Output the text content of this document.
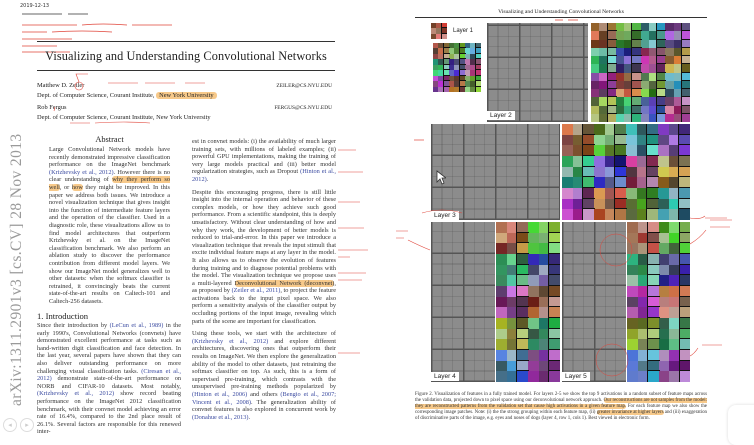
2019-12-13
arXiv:1311.2901v3 [cs.CV] 28 Nov 2013
Visualizing and Understanding Convolutional Networks
Matthew D. Zeiler	ZEILER@CS.NYU.EDU
Dept. of Computer Science, Courant Institute, New York University
Rob Fergus	FERGUS@CS.NYU.EDU
Dept. of Computer Science, Courant Institute, New York University
Abstract

Large Convolutional Network models have recently demonstrated impressive classification performance on the ImageNet benchmark (Krizhevsky et al., 2012). However there is no clear understanding of why they perform so well, or how they might be improved. In this paper we address both issues. We introduce a novel visualization technique that gives insight into the function of intermediate feature layers and the operation of the classifier. Used in a diagnostic role, these visualizations allow us to find model architectures that outperform Krizhevsky et al. on the ImageNet classification benchmark. We also perform an ablation study to discover the performance contribution from different model layers. We show our ImageNet model generalizes well to other datasets: when the softmax classifier is retrained, it convincingly beats the current state-of-the-art results on Caltech-101 and Caltech-256 datasets.

1. Introduction

Since their introduction by (LeCun et al., 1989) in the early 1990's, Convolutional Networks (convnets) have demonstrated excellent performance at tasks such as hand-written digit classification and face detection. In the last year, several papers have shown that they can also deliver outstanding performance on more challenging visual classification tasks. (Ciresan et al., 2012) demonstrate state-of-the-art performance on NORB and CIFAR-10 datasets. Most notably, (Krizhevsky et al., 2012) show record beating performance on the ImageNet 2012 classification benchmark, with their convnet model achieving an error rate of 16.4%, compared to the 2nd place result of 26.1%. Several factors are responsible for this renewed inter-

est in convnet models: (i) the availability of much larger training sets, with millions of labeled examples; (ii) powerful GPU implementations, making the training of very large models practical and (iii) better model regularization strategies, such as Dropout (Hinton et al., 2012).

Despite this encouraging progress, there is still little insight into the internal operation and behavior of these complex models, or how they achieve such good performance. From a scientific standpoint, this is deeply unsatisfactory. Without clear understanding of how and why they work, the development of better models is reduced to trial-and-error. In this paper we introduce a visualization technique that reveals the input stimuli that excite individual feature maps at any layer in the model. It also allows us to observe the evolution of features during training and to diagnose potential problems with the model. The visualization technique we propose uses a multi-layered Deconvolutional Network (deconvnet), as proposed by (Zeiler et al., 2011), to project the feature activations back to the input pixel space. We also perform a sensitivity analysis of the classifier output by occluding portions of the input image, revealing which parts of the scene are important for classification.

Using these tools, we start with the architecture of (Krizhevsky et al., 2012) and explore different architectures, discovering ones that outperform their results on ImageNet. We then explore the generalization ability of the model to other datasets, just retraining the softmax classifier on top. As such, this is a form of supervised pre-training, which contrasts with the unsupervised pre-training methods popularized by (Hinton et al., 2006) and others (Bengio et al., 2007; Vincent et al., 2008). The generalization ability of convnet features is also explored in concurrent work by (Donahue et al., 2013).

◂	▸
Visualizing and Understanding Convolutional Networks
Layer 1
Layer 2
Layer 3
Layer 4	Layer 5

Figure 2. Visualization of features in a fully trained model. For layers 2-5 we show the top 9 activations in a random subset of feature maps across the validation data, projected down to pixel space using our deconvolutional network approach. Our reconstructions are not samples from the model: they are reconstructed patterns from the validation set that cause high activations in a given feature map. For each feature map we also show the corresponding image patches. Note: (i) the the strong grouping within each feature map, (ii) greater invariance at higher layers and (iii) exaggeration of discriminative parts of the image, e.g. eyes and noses of dogs (layer 4, row 1, cols 1). Best viewed in electronic form.
